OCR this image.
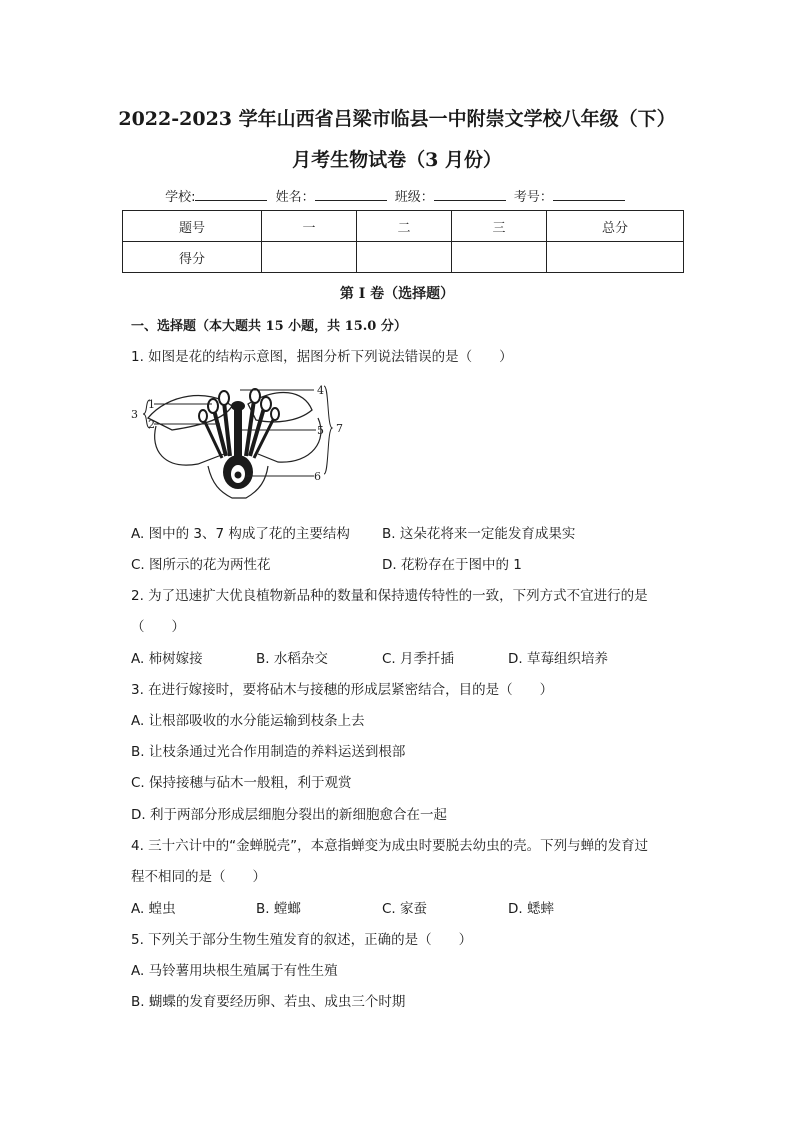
2022-2023 学年山西省吕梁市临县一中附崇文学校八年级（下）
月考生物试卷（3 月份）
学校:	姓名：	班级：	考号：
题号	一	二	三	总分
得分				
第 I 卷（选择题）
一、选择题（本大题共 15 小题，共 15.0 分）
1. 如图是花的结构示意图，据图分析下列说法错误的是（　　）
1
2
3
4
5
6
7
A. 图中的 3、7 构成了花的主要结构 B. 这朵花将来一定能发育成果实
C. 图所示的花为两性花	D. 花粉存在于图中的 1
2. 为了迅速扩大优良植物新品种的数量和保持遗传特性的一致，下列方式不宜进行的是
（　　）
A. 柿树嫁接	B. 水稻杂交	C. 月季扦插	D. 草莓组织培养
3. 在进行嫁接时，要将砧木与接穗的形成层紧密结合，目的是（　　）
A. 让根部吸收的水分能运输到枝条上去
B. 让枝条通过光合作用制造的养料运送到根部
C. 保持接穗与砧木一般粗，利于观赏
D. 利于两部分形成层细胞分裂出的新细胞愈合在一起
4. 三十六计中的“金蝉脱壳”，本意指蝉变为成虫时要脱去幼虫的壳。下列与蝉的发育过
程不相同的是（　　）
A. 蝗虫	B. 螳螂	C. 家蚕	D. 蟋蟀
5. 下列关于部分生物生殖发育的叙述，正确的是（　　）
A. 马铃薯用块根生殖属于有性生殖
B. 蝴蝶的发育要经历卵、若虫、成虫三个时期
